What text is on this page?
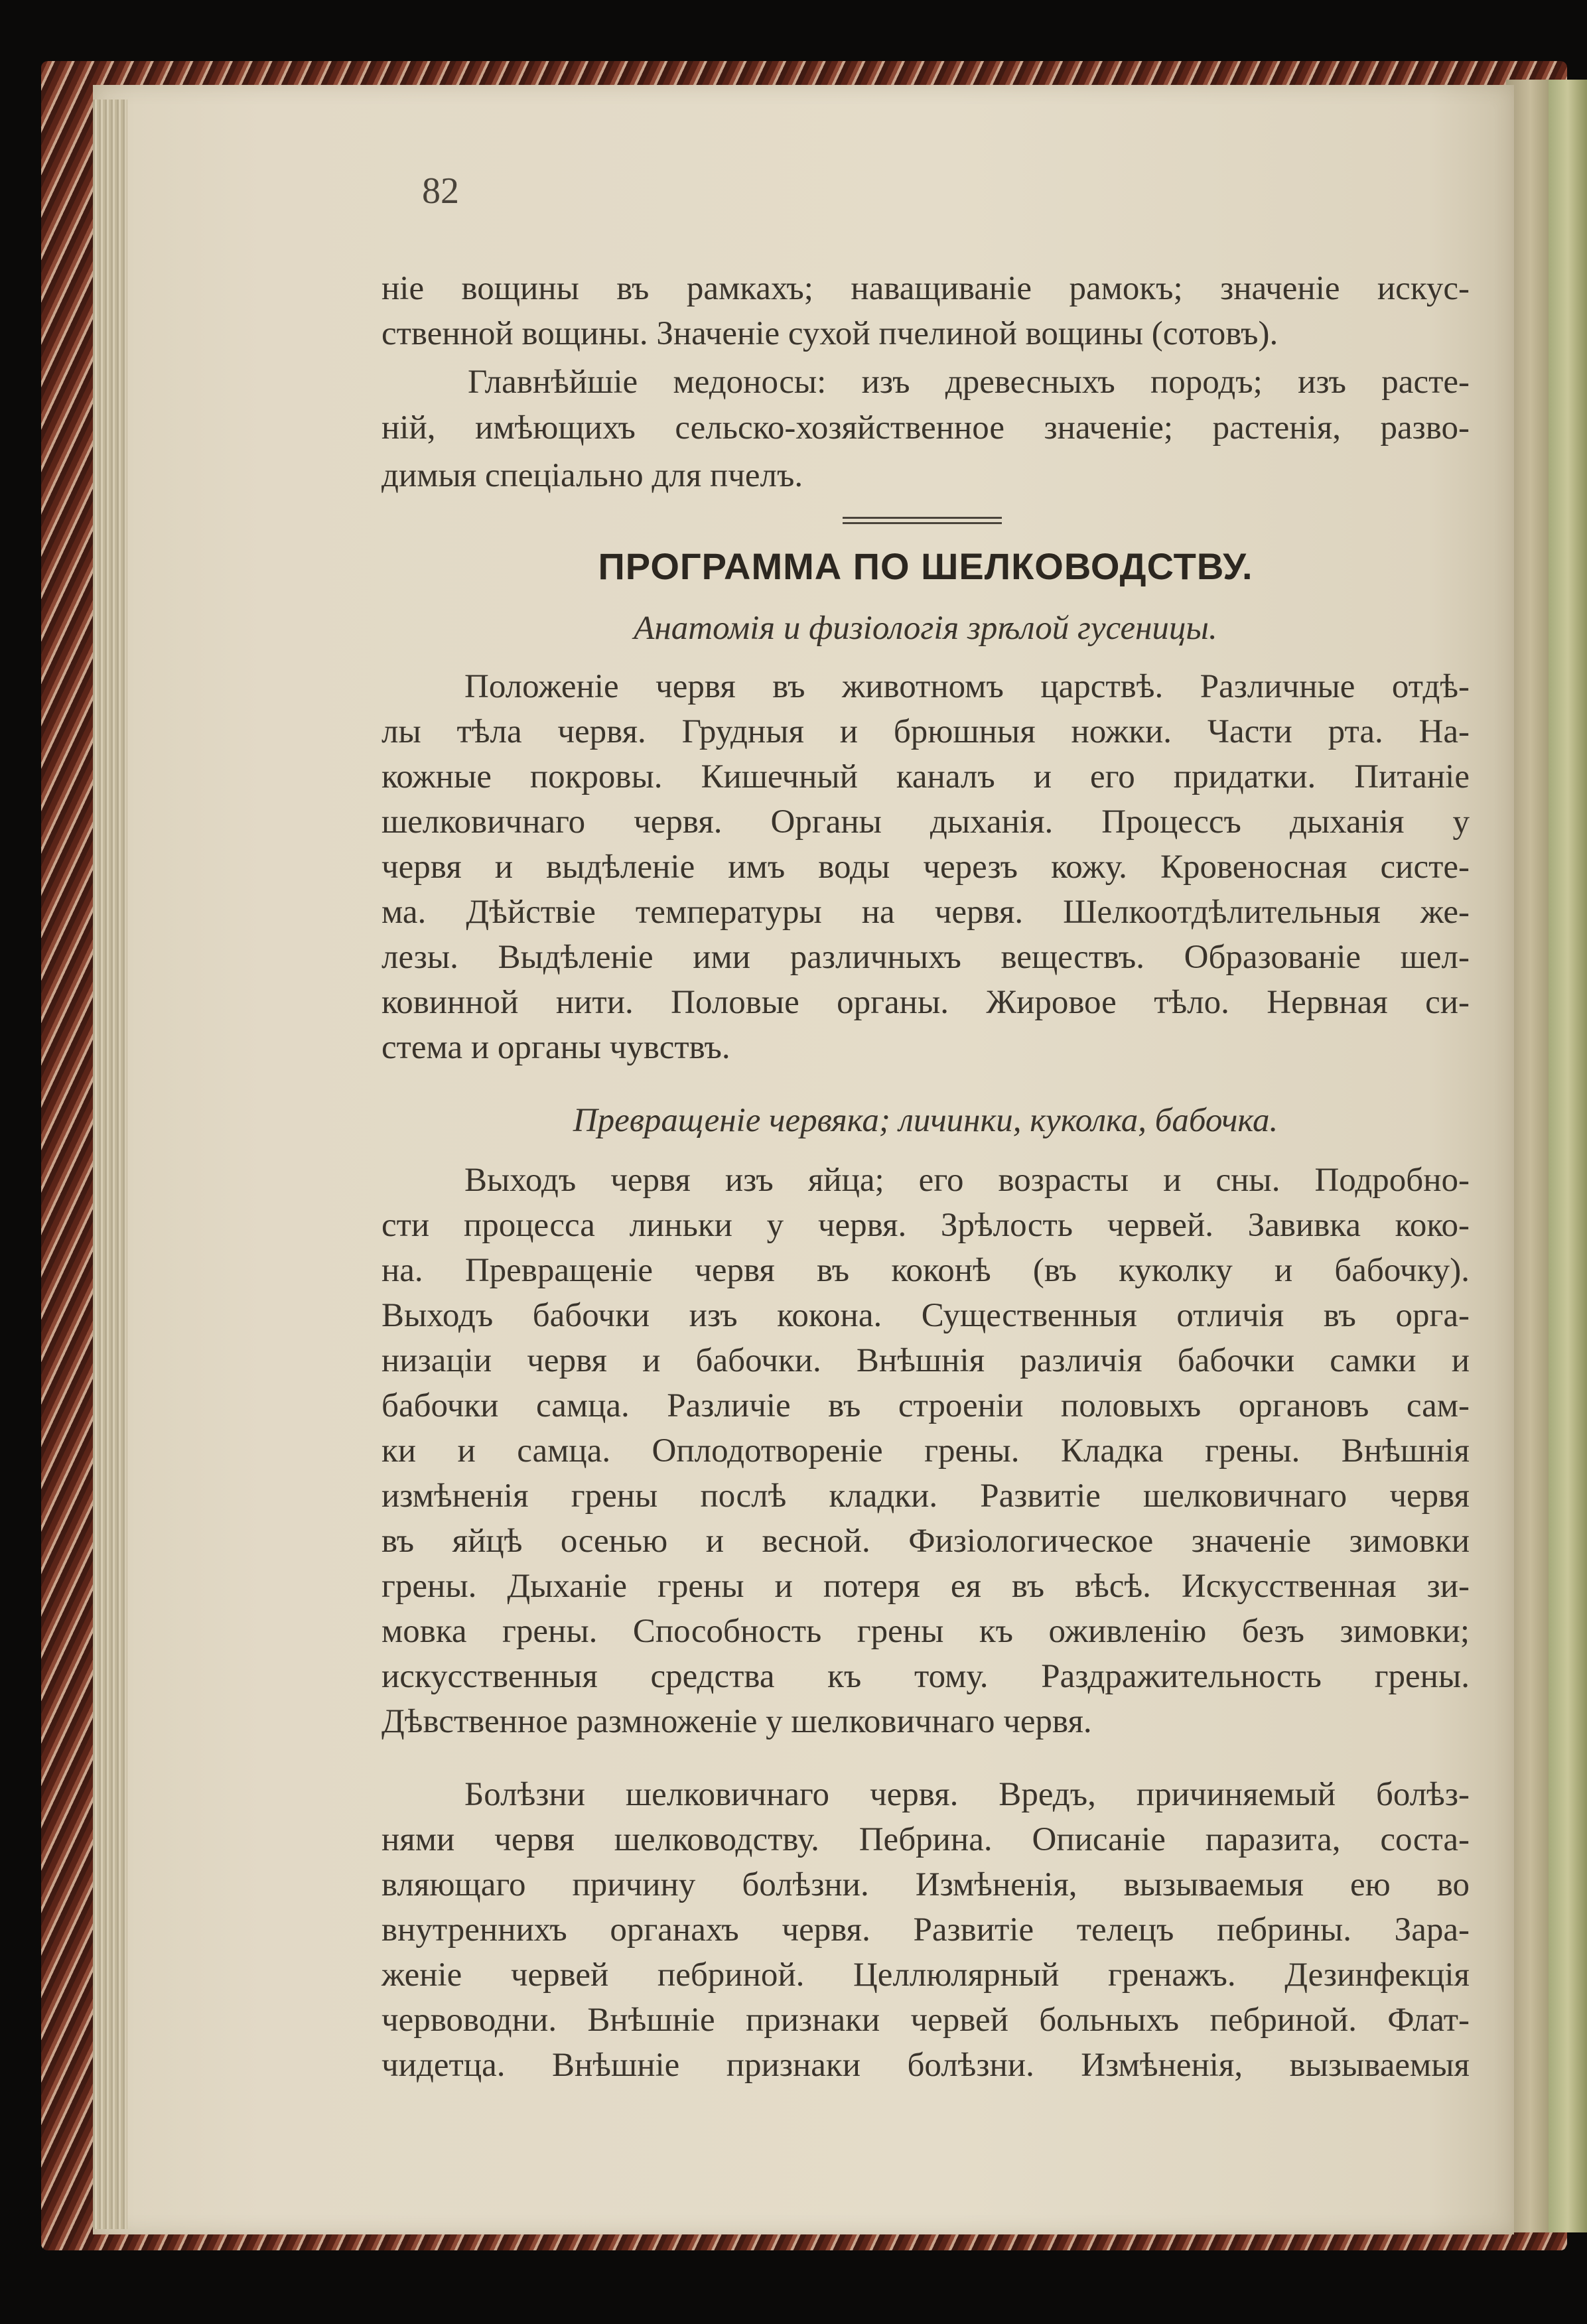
82
ніе вощины въ рамкахъ; наващиваніе рамокъ; значеніе искус-
ственной вощины. Значеніе сухой пчелиной вощины (сотовъ).
Главнѣйшіе медоносы: изъ древесныхъ породъ; изъ расте-
ній, имѣющихъ сельско-хозяйственное значеніе; растенія, разво-
димыя спеціально для пчелъ.
ПРОГРАММА ПО ШЕЛКОВОДСТВУ.
Анатомія и физіологія зрѣлой гусеницы.
Положеніе червя въ животномъ царствѣ. Различные отдѣ-
лы тѣла червя. Грудныя и брюшныя ножки. Части рта. На-
кожные покровы. Кишечный каналъ и его придатки. Питаніе
шелковичнаго червя. Органы дыханія. Процессъ дыханія у
червя и выдѣленіе имъ воды черезъ кожу. Кровеносная систе-
ма. Дѣйствіе температуры на червя. Шелкоотдѣлительныя же-
лезы. Выдѣленіе ими различныхъ веществъ. Образованіе шел-
ковинной нити. Половые органы. Жировое тѣло. Нервная си-
стема и органы чувствъ.
Превращеніе червяка; личинки, куколка, бабочка.
Выходъ червя изъ яйца; его возрасты и сны. Подробно-
сти процесса линьки у червя. Зрѣлость червей. Завивка коко-
на. Превращеніе червя въ коконѣ (въ куколку и бабочку).
Выходъ бабочки изъ кокона. Существенныя отличія въ орга-
низаціи червя и бабочки. Внѣшнія различія бабочки самки и
бабочки самца. Различіе въ строеніи половыхъ органовъ сам-
ки и самца. Оплодотвореніе грены. Кладка грены. Внѣшнія
измѣненія грены послѣ кладки. Развитіе шелковичнаго червя
въ яйцѣ осенью и весной. Физіологическое значеніе зимовки
грены. Дыханіе грены и потеря ея въ вѣсѣ. Искусственная зи-
мовка грены. Способность грены къ оживленію безъ зимовки;
искусственныя средства къ тому. Раздражительность грены.
Дѣвственное размноженіе у шелковичнаго червя.
Болѣзни шелковичнаго червя. Вредъ, причиняемый болѣз-
нями червя шелководству. Пебрина. Описаніе паразита, соста-
вляющаго причину болѣзни. Измѣненія, вызываемыя ею во
внутреннихъ органахъ червя. Развитіе телецъ пебрины. Зара-
женіе червей пебриной. Целлюлярный гренажъ. Дезинфекція
червоводни. Внѣшніе признаки червей больныхъ пебриной. Флат-
чидетца. Внѣшніе признаки болѣзни. Измѣненія, вызываемыя
